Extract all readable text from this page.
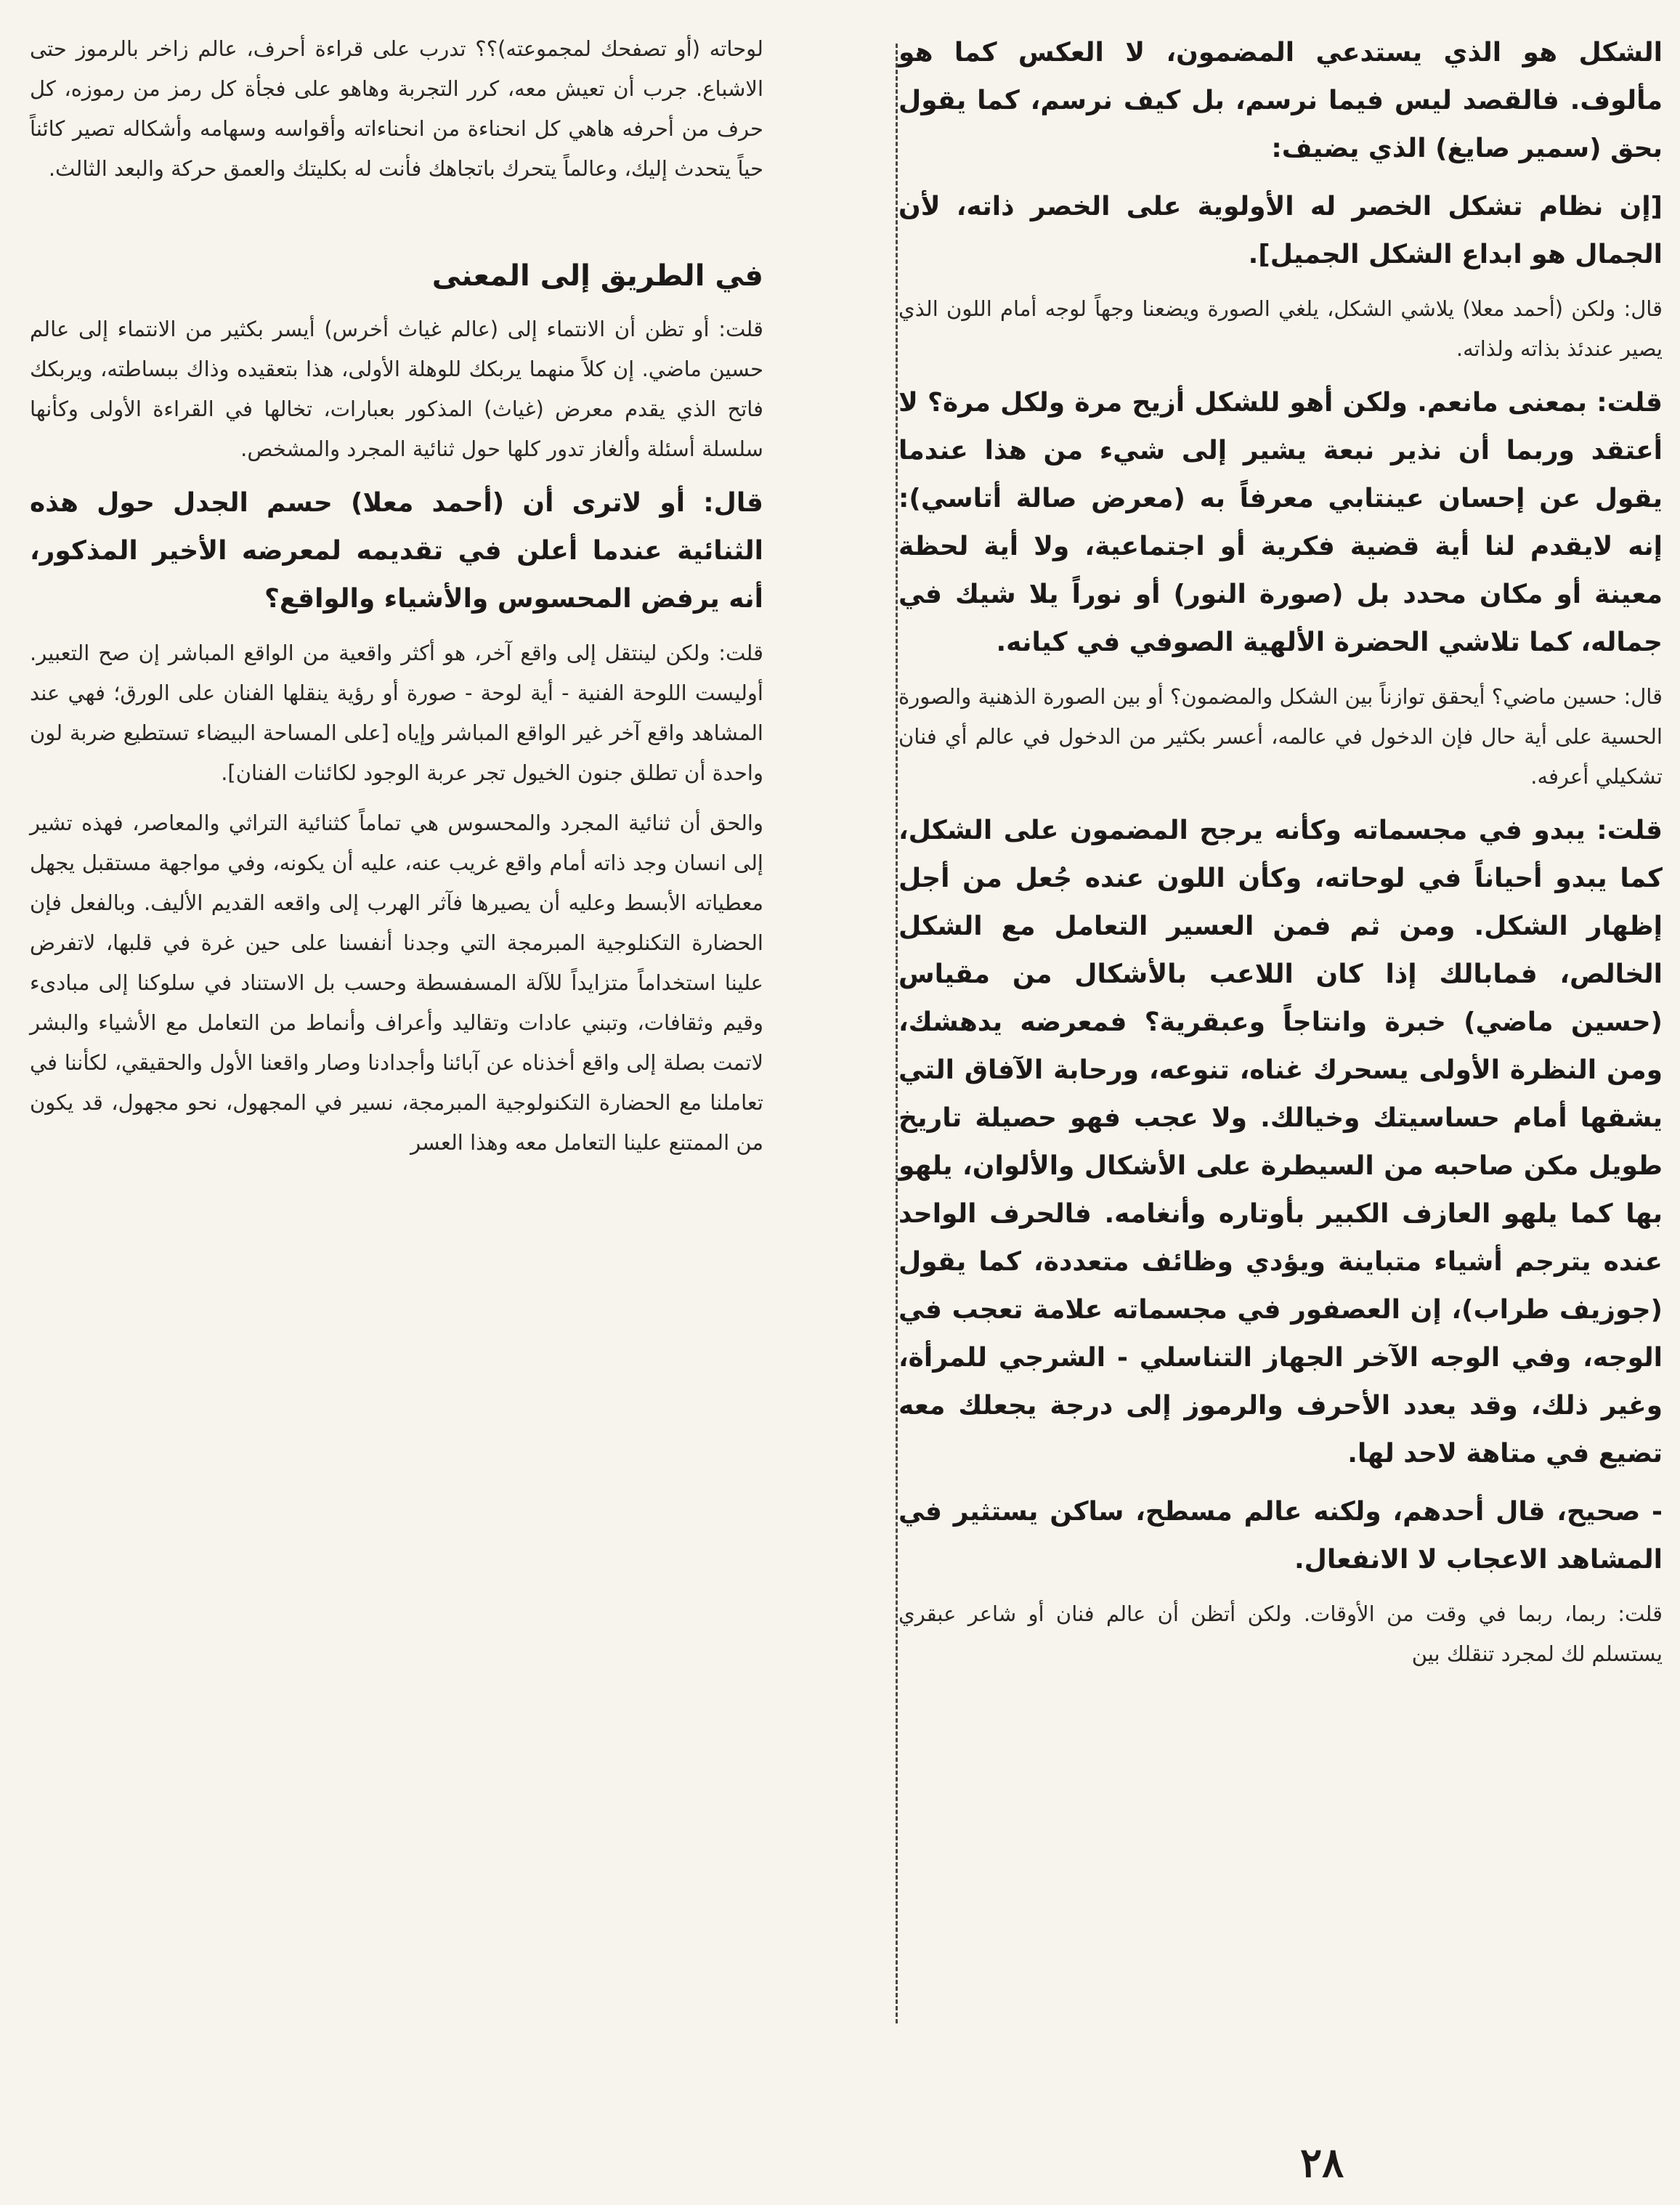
الشكل هو الذي يستدعي المضمون، لا العكس كما هو مألوف. فالقصد ليس فيما نرسم، بل كيف نرسم، كما يقول بحق (سمير صايغ) الذي يضيف:

[إن نظام تشكل الخصر له الأولوية على الخصر ذاته، لأن الجمال هو ابداع الشكل الجميل].

قال: ولكن (أحمد معلا) يلاشي الشكل، يلغي الصورة ويضعنا وجهاً لوجه أمام اللون الذي يصير عندئذ بذاته ولذاته.

قلت: بمعنى مانعم. ولكن أهو للشكل أزيح مرة ولكل مرة؟ لا أعتقد وربما أن نذير نبعة يشير إلى شيء من هذا عندما يقول عن إحسان عينتابي معرفاً به (معرض صالة أتاسي): إنه لايقدم لنا أية قضية فكرية أو اجتماعية، ولا أية لحظة معينة أو مكان محدد بل (صورة النور) أو نوراً يلا شيك في جماله، كما تلاشي الحضرة الألهية الصوفي في كيانه.

قال: حسين ماضي؟ أيحقق توازناً بين الشكل والمضمون؟ أو بين الصورة الذهنية والصورة الحسية على أية حال فإن الدخول في عالمه، أعسر بكثير من الدخول في عالم أي فنان تشكيلي أعرفه.

قلت: يبدو في مجسماته وكأنه يرجح المضمون على الشكل، كما يبدو أحياناً في لوحاته، وكأن اللون عنده جُعل من أجل إظهار الشكل. ومن ثم فمن العسير التعامل مع الشكل الخالص، فمابالك إذا كان اللاعب بالأشكال من مقياس (حسين ماضي) خبرة وانتاجاً وعبقرية؟ فمعرضه يدهشك، ومن النظرة الأولى يسحرك غناه، تنوعه، ورحابة الآفاق التي يشقها أمام حساسيتك وخيالك. ولا عجب فهو حصيلة تاريخ طويل مكن صاحبه من السيطرة على الأشكال والألوان، يلهو بها كما يلهو العازف الكبير بأوتاره وأنغامه. فالحرف الواحد عنده يترجم أشياء متباينة ويؤدي وظائف متعددة، كما يقول (جوزيف طراب)، إن العصفور في مجسماته علامة تعجب في الوجه، وفي الوجه الآخر الجهاز التناسلي - الشرجي للمرأة، وغير ذلك، وقد يعدد الأحرف والرموز إلى درجة يجعلك معه تضيع في متاهة لاحد لها.

- صحيح، قال أحدهم، ولكنه عالم مسطح، ساكن يستثير في المشاهد الاعجاب لا الانفعال.

قلت: ربما، ربما في وقت من الأوقات. ولكن أتظن أن عالم فنان أو شاعر عبقري يستسلم لك لمجرد تنقلك بين

لوحاته (أو تصفحك لمجموعته)؟؟ تدرب على قراءة أحرف، عالم زاخر بالرموز حتى الاشباع. جرب أن تعيش معه، كرر التجربة وهاهو على فجأة كل رمز من رموزه، كل حرف من أحرفه هاهي كل انحناءة من انحناءاته وأقواسه وسهامه وأشكاله تصير كائناً حياً يتحدث إليك، وعالماً يتحرك باتجاهك فأنت له بكليتك والعمق حركة والبعد الثالث.

في الطريق إلى المعنى

قلت: أو تظن أن الانتماء إلى (عالم غياث أخرس) أيسر بكثير من الانتماء إلى عالم حسين ماضي. إن كلاً منهما يربكك للوهلة الأولى، هذا بتعقيده وذاك ببساطته، ويربكك فاتح الذي يقدم معرض (غياث) المذكور بعبارات، تخالها في القراءة الأولى وكأنها سلسلة أسئلة وألغاز تدور كلها حول ثنائية المجرد والمشخص.

قال: أو لاترى أن (أحمد معلا) حسم الجدل حول هذه الثنائية عندما أعلن في تقديمه لمعرضه الأخير المذكور، أنه يرفض المحسوس والأشياء والواقع؟

قلت: ولكن لينتقل إلى واقع آخر، هو أكثر واقعية من الواقع المباشر إن صح التعبير. أوليست اللوحة الفنية - أية لوحة - صورة أو رؤية ينقلها الفنان على الورق؛ فهي عند المشاهد واقع آخر غير الواقع المباشر وإياه [على المساحة البيضاء تستطيع ضربة لون واحدة أن تطلق جنون الخيول تجر عربة الوجود لكائنات الفنان].

والحق أن ثنائية المجرد والمحسوس هي تماماً كثنائية التراثي والمعاصر، فهذه تشير إلى انسان وجد ذاته أمام واقع غريب عنه، عليه أن يكونه، وفي مواجهة مستقبل يجهل معطياته الأبسط وعليه أن يصيرها فآثر الهرب إلى واقعه القديم الأليف. وبالفعل فإن الحضارة التكنلوجية المبرمجة التي وجدنا أنفسنا على حين غرة في قلبها، لاتفرض علينا استخداماً متزايداً للآلة المسفسطة وحسب بل الاستناد في سلوكنا إلى مبادىء وقيم وثقافات، وتبني عادات وتقاليد وأعراف وأنماط من التعامل مع الأشياء والبشر لاتمت بصلة إلى واقع أخذناه عن آبائنا وأجدادنا وصار واقعنا الأول والحقيقي، لكأننا في تعاملنا مع الحضارة التكنولوجية المبرمجة، نسير في المجهول، نحو مجهول، قد يكون من الممتنع علينا التعامل معه وهذا العسر

٢٨
